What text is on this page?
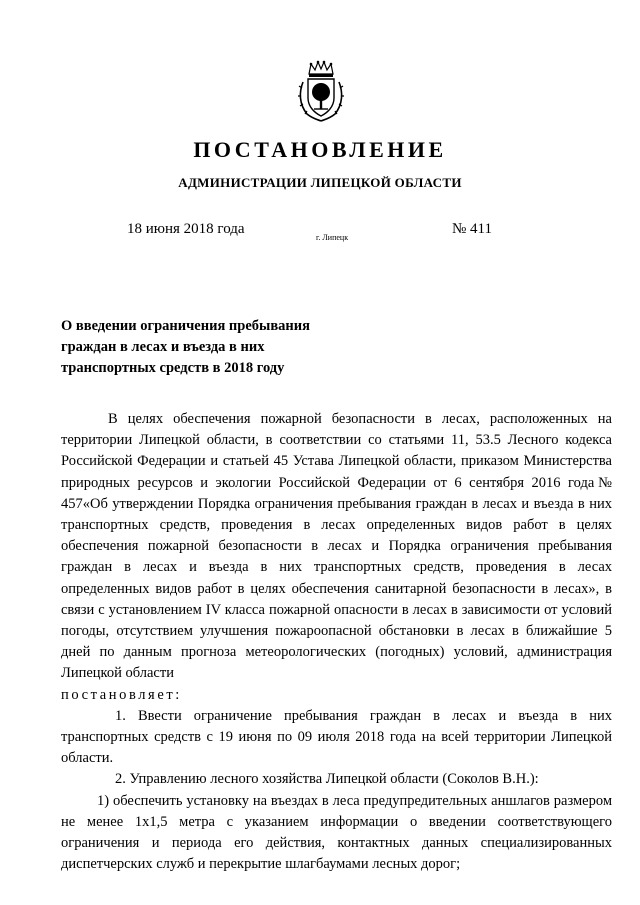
ПОСТАНОВЛЕНИЕ
АДМИНИСТРАЦИИ ЛИПЕЦКОЙ ОБЛАСТИ
18 июня 2018 года
г. Липецк
№ 411
О введении ограничения пребывания
граждан в лесах и въезда в них
транспортных средств в 2018 году

В целях обеспечения пожарной безопасности в лесах, расположенных на территории Липецкой области, в соответствии со статьями 11, 53.5 Лесного кодекса Российской Федерации и статьей 45 Устава Липецкой области, приказом Министерства природных ресурсов и экологии Российской Федерации от 6 сентября 2016 года№ 457«Об утверждении Порядка ограничения пребывания граждан в лесах и въезда в них транспортных средств, проведения в лесах определенных видов работ в целях обеспечения пожарной безопасности в лесах и Порядка ограничения пребывания граждан в лесах и въезда в них транспортных средств, проведения в лесах определенных видов работ в целях обеспечения санитарной безопасности в лесах», в связи с установлением IV класса пожарной опасности в лесах в зависимости от условий погоды, отсутствием улучшения пожароопасной обстановки в лесах в ближайшие 5 дней по данным прогноза метеорологических (погодных) условий, администрация Липецкой области

постановляет:

1. Ввести ограничение пребывания граждан в лесах и въезда в них транспортных средств с 19 июня по 09 июля 2018 года на всей территории Липецкой области.

2. Управлению лесного хозяйства Липецкой области (Соколов В.Н.):

1) обеспечить установку на въездах в леса предупредительных аншлагов размером не менее 1х1,5 метра с указанием информации о введении соответствующего ограничения и периода его действия, контактных данных специализированных диспетчерских служб и перекрытие шлагбаумами лесных дорог;
